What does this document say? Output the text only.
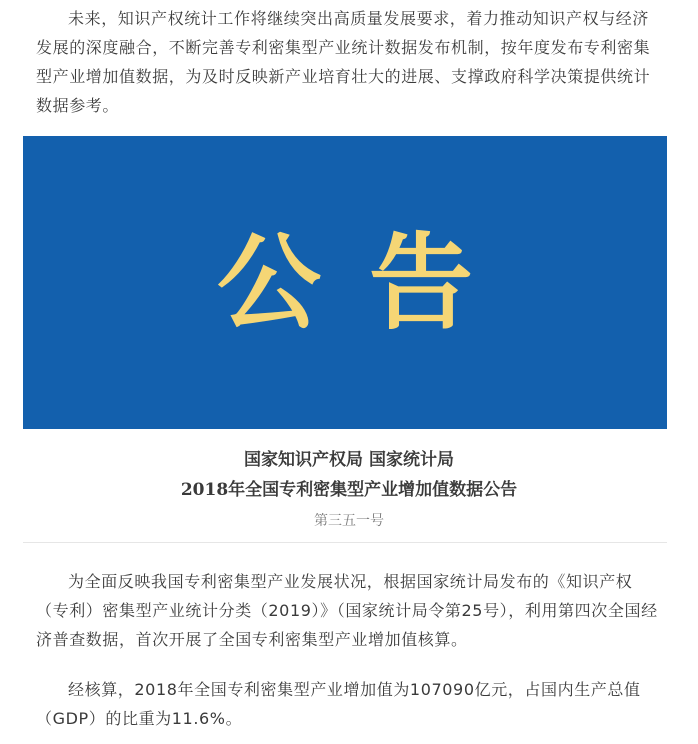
未来，知识产权统计工作将继续突出高质量发展要求，着力推动知识产权与经济发展的深度融合，不断完善专利密集型产业统计数据发布机制，按年度发布专利密集型产业增加值数据，为及时反映新产业培育壮大的进展、支撑政府科学决策提供统计数据参考。

公告

国家知识产权局 国家统计局

2018年全国专利密集型产业增加值数据公告

第三五一号

为全面反映我国专利密集型产业发展状况，根据国家统计局发布的《知识产权（专利）密集型产业统计分类（2019）》（国家统计局令第25号），利用第四次全国经济普查数据，首次开展了全国专利密集型产业增加值核算。

经核算，2018年全国专利密集型产业增加值为107090亿元，占国内生产总值（GDP）的比重为11.6%。
